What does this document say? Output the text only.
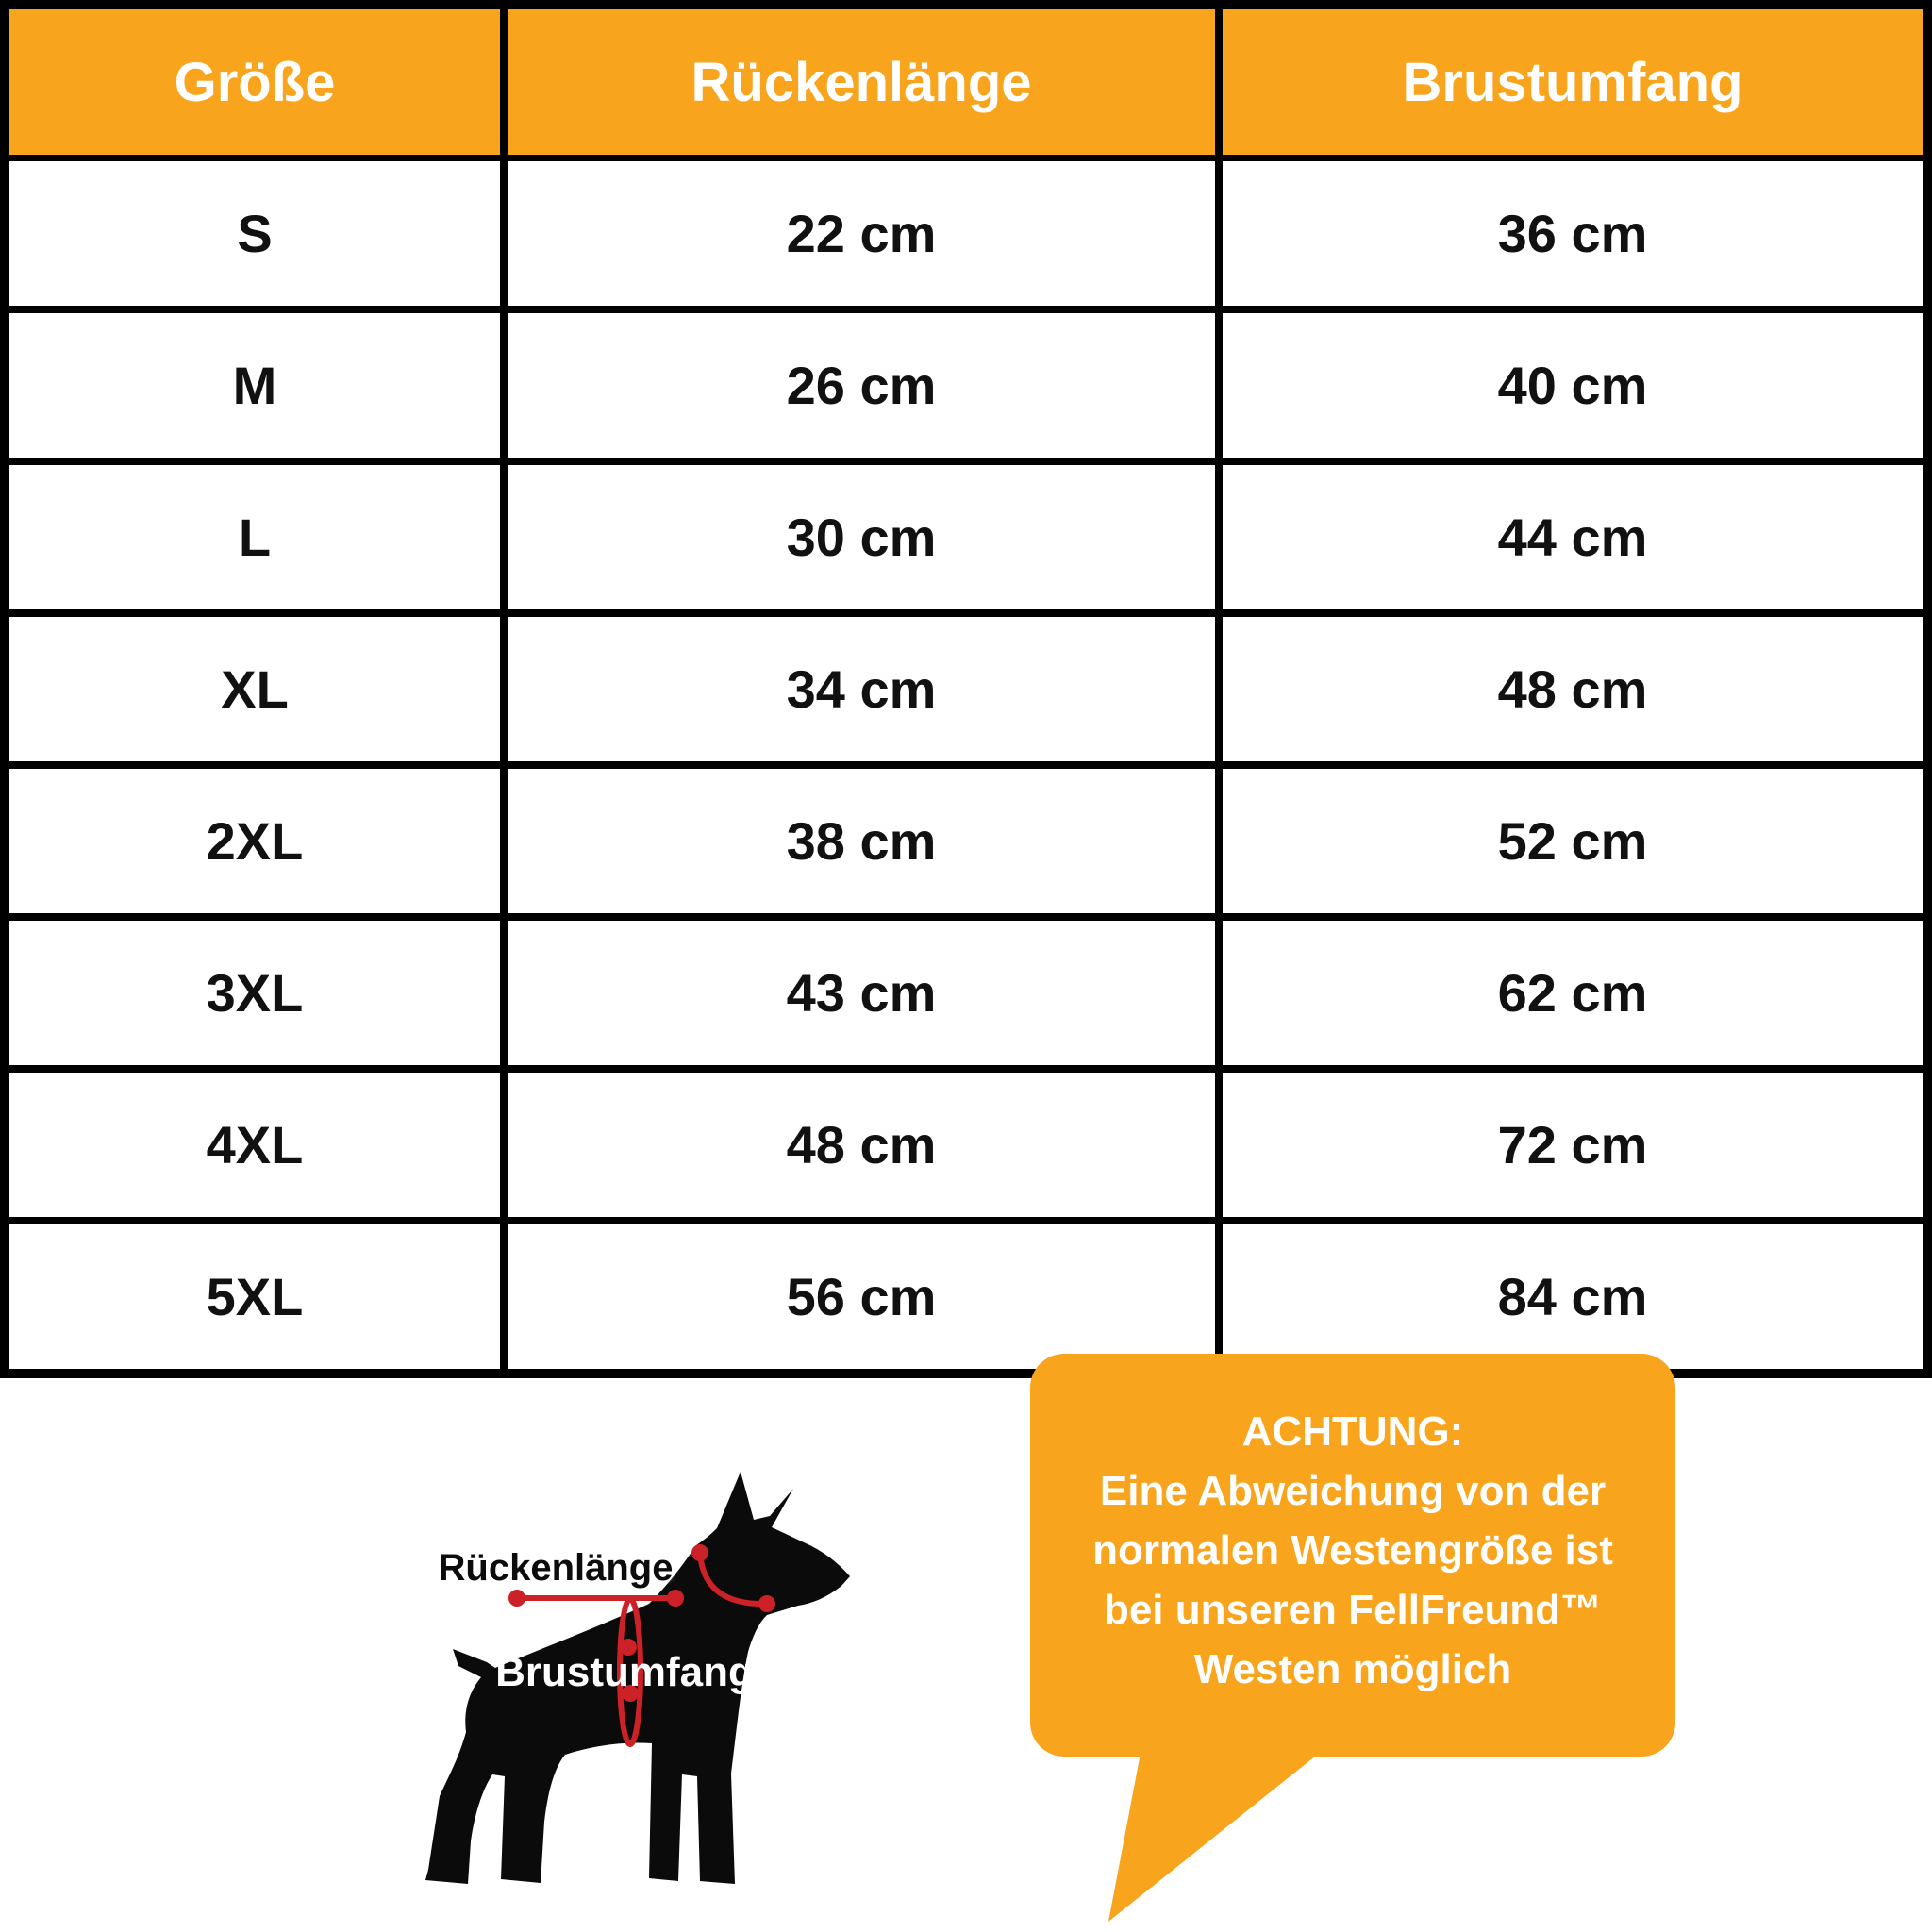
Größe	Rückenlänge	Brustumfang
S	22 cm	36 cm
M	26 cm	40 cm
L	30 cm	44 cm
XL	34 cm	48 cm
2XL	38 cm	52 cm
3XL	43 cm	62 cm
4XL	48 cm	72 cm
5XL	56 cm	84 cm
Rückenlänge
Brustumfang
ACHTUNG:
Eine Abweichung von der
normalen Westengröße ist
bei unseren FellFreund™
Westen möglich
